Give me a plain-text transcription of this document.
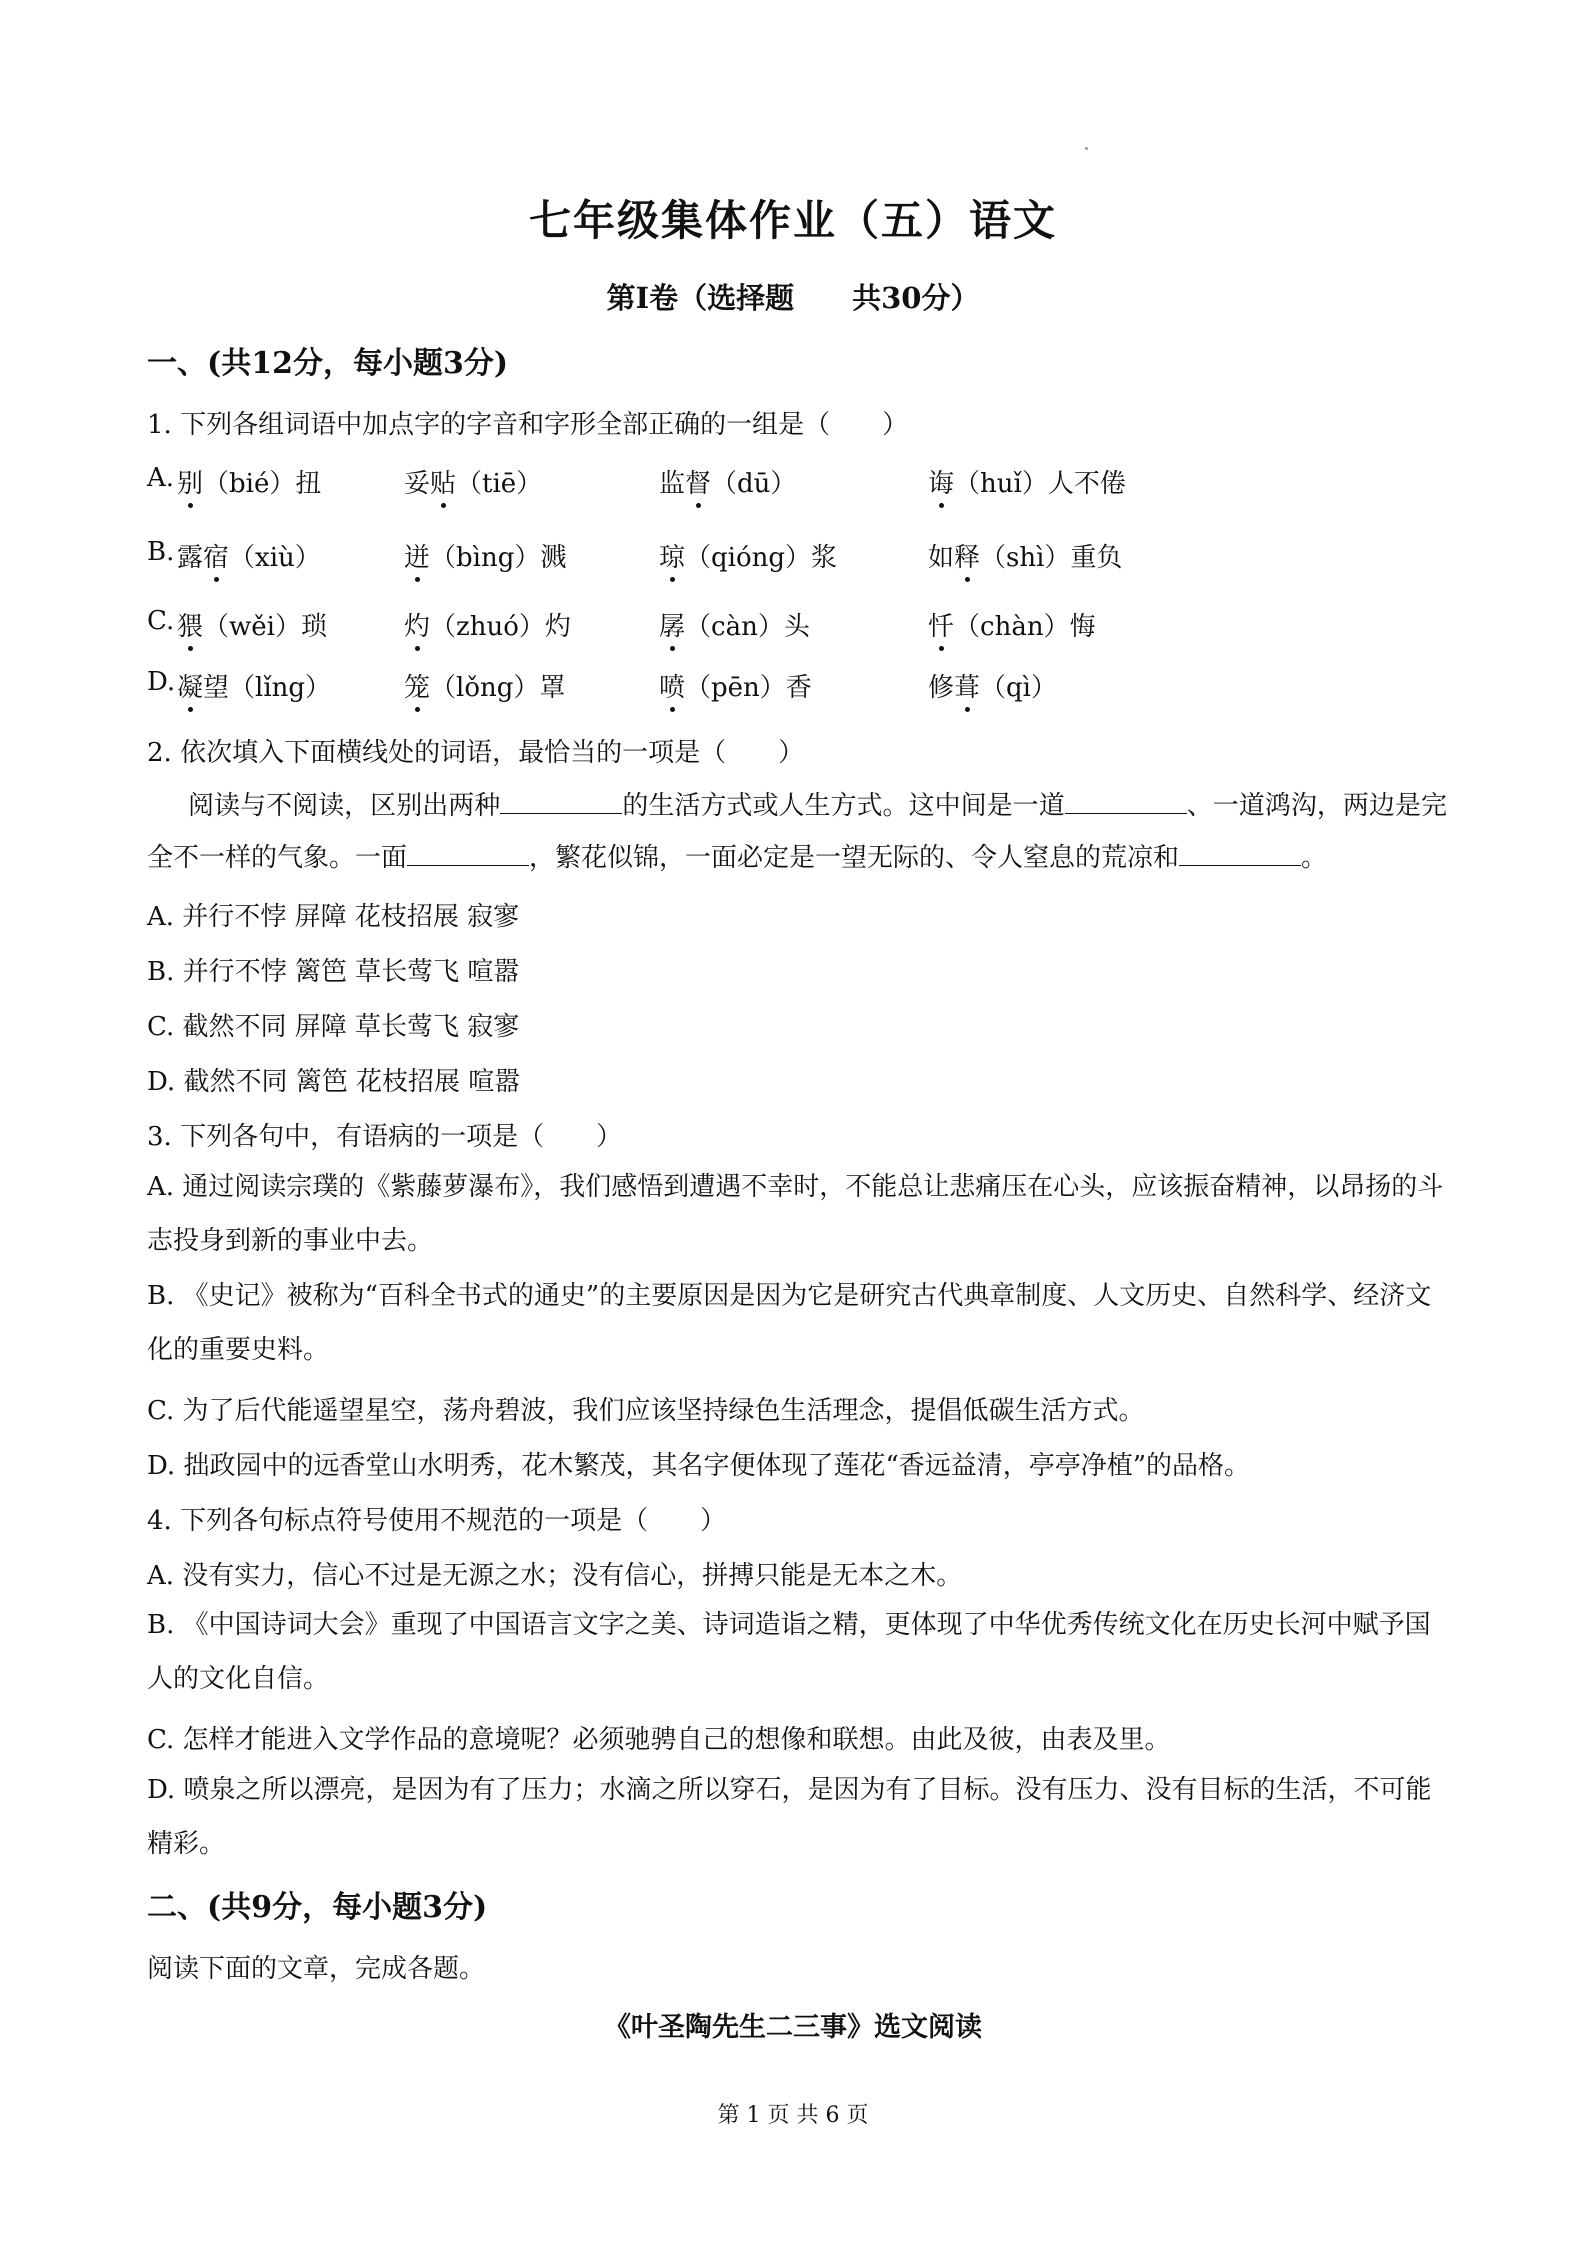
七年级集体作业（五）语文
第Ⅰ卷（选择题　　共30分）
一、(共12分，每小题3分)
1. 下列各组词语中加点字的字音和字形全部正确的一组是（　　）
A. 别（bié）扭	妥贴（tiē）	监督（dū）	诲（huǐ）人不倦
B. 露宿（xiù）	迸（bìng）溅	琼（qióng）浆	如释（shì）重负
C. 猥（wěi）琐	灼（zhuó）灼	孱（càn）头	忏（chàn）悔
D. 凝望（lǐng）	笼（lǒng）罩	喷（pēn）香	修葺（qì）
2. 依次填入下面横线处的词语，最恰当的一项是（　　）
阅读与不阅读，区别出两种	的生活方式或人生方式。这中间是一道	、一道鸿沟，两边是完全不一样的气象。一面	，繁花似锦，一面必定是一望无际的、令人窒息的荒凉和	。
A. 并行不悖 屏障 花枝招展 寂寥
B. 并行不悖 篱笆 草长莺飞 喧嚣
C. 截然不同 屏障 草长莺飞 寂寥
D. 截然不同 篱笆 花枝招展 喧嚣
3. 下列各句中，有语病的一项是（　　）
A. 通过阅读宗璞的《紫藤萝瀑布》，我们感悟到遭遇不幸时，不能总让悲痛压在心头，应该振奋精神，以昂扬的斗志投身到新的事业中去。
B. 《史记》被称为“百科全书式的通史”的主要原因是因为它是研究古代典章制度、人文历史、自然科学、经济文化的重要史料。
C. 为了后代能遥望星空，荡舟碧波，我们应该坚持绿色生活理念，提倡低碳生活方式。
D. 拙政园中的远香堂山水明秀，花木繁茂，其名字便体现了莲花“香远益清，亭亭净植”的品格。
4. 下列各句标点符号使用不规范的一项是（　　）
A. 没有实力，信心不过是无源之水；没有信心，拼搏只能是无本之木。
B. 《中国诗词大会》重现了中国语言文字之美、诗词造诣之精，更体现了中华优秀传统文化在历史长河中赋予国人的文化自信。
C. 怎样才能进入文学作品的意境呢？必须驰骋自己的想像和联想。由此及彼，由表及里。
D. 喷泉之所以漂亮，是因为有了压力；水滴之所以穿石，是因为有了目标。没有压力、没有目标的生活，不可能精彩。
二、(共9分，每小题3分)
阅读下面的文章，完成各题。
《叶圣陶先生二三事》选文阅读
第 1 页 共 6 页
